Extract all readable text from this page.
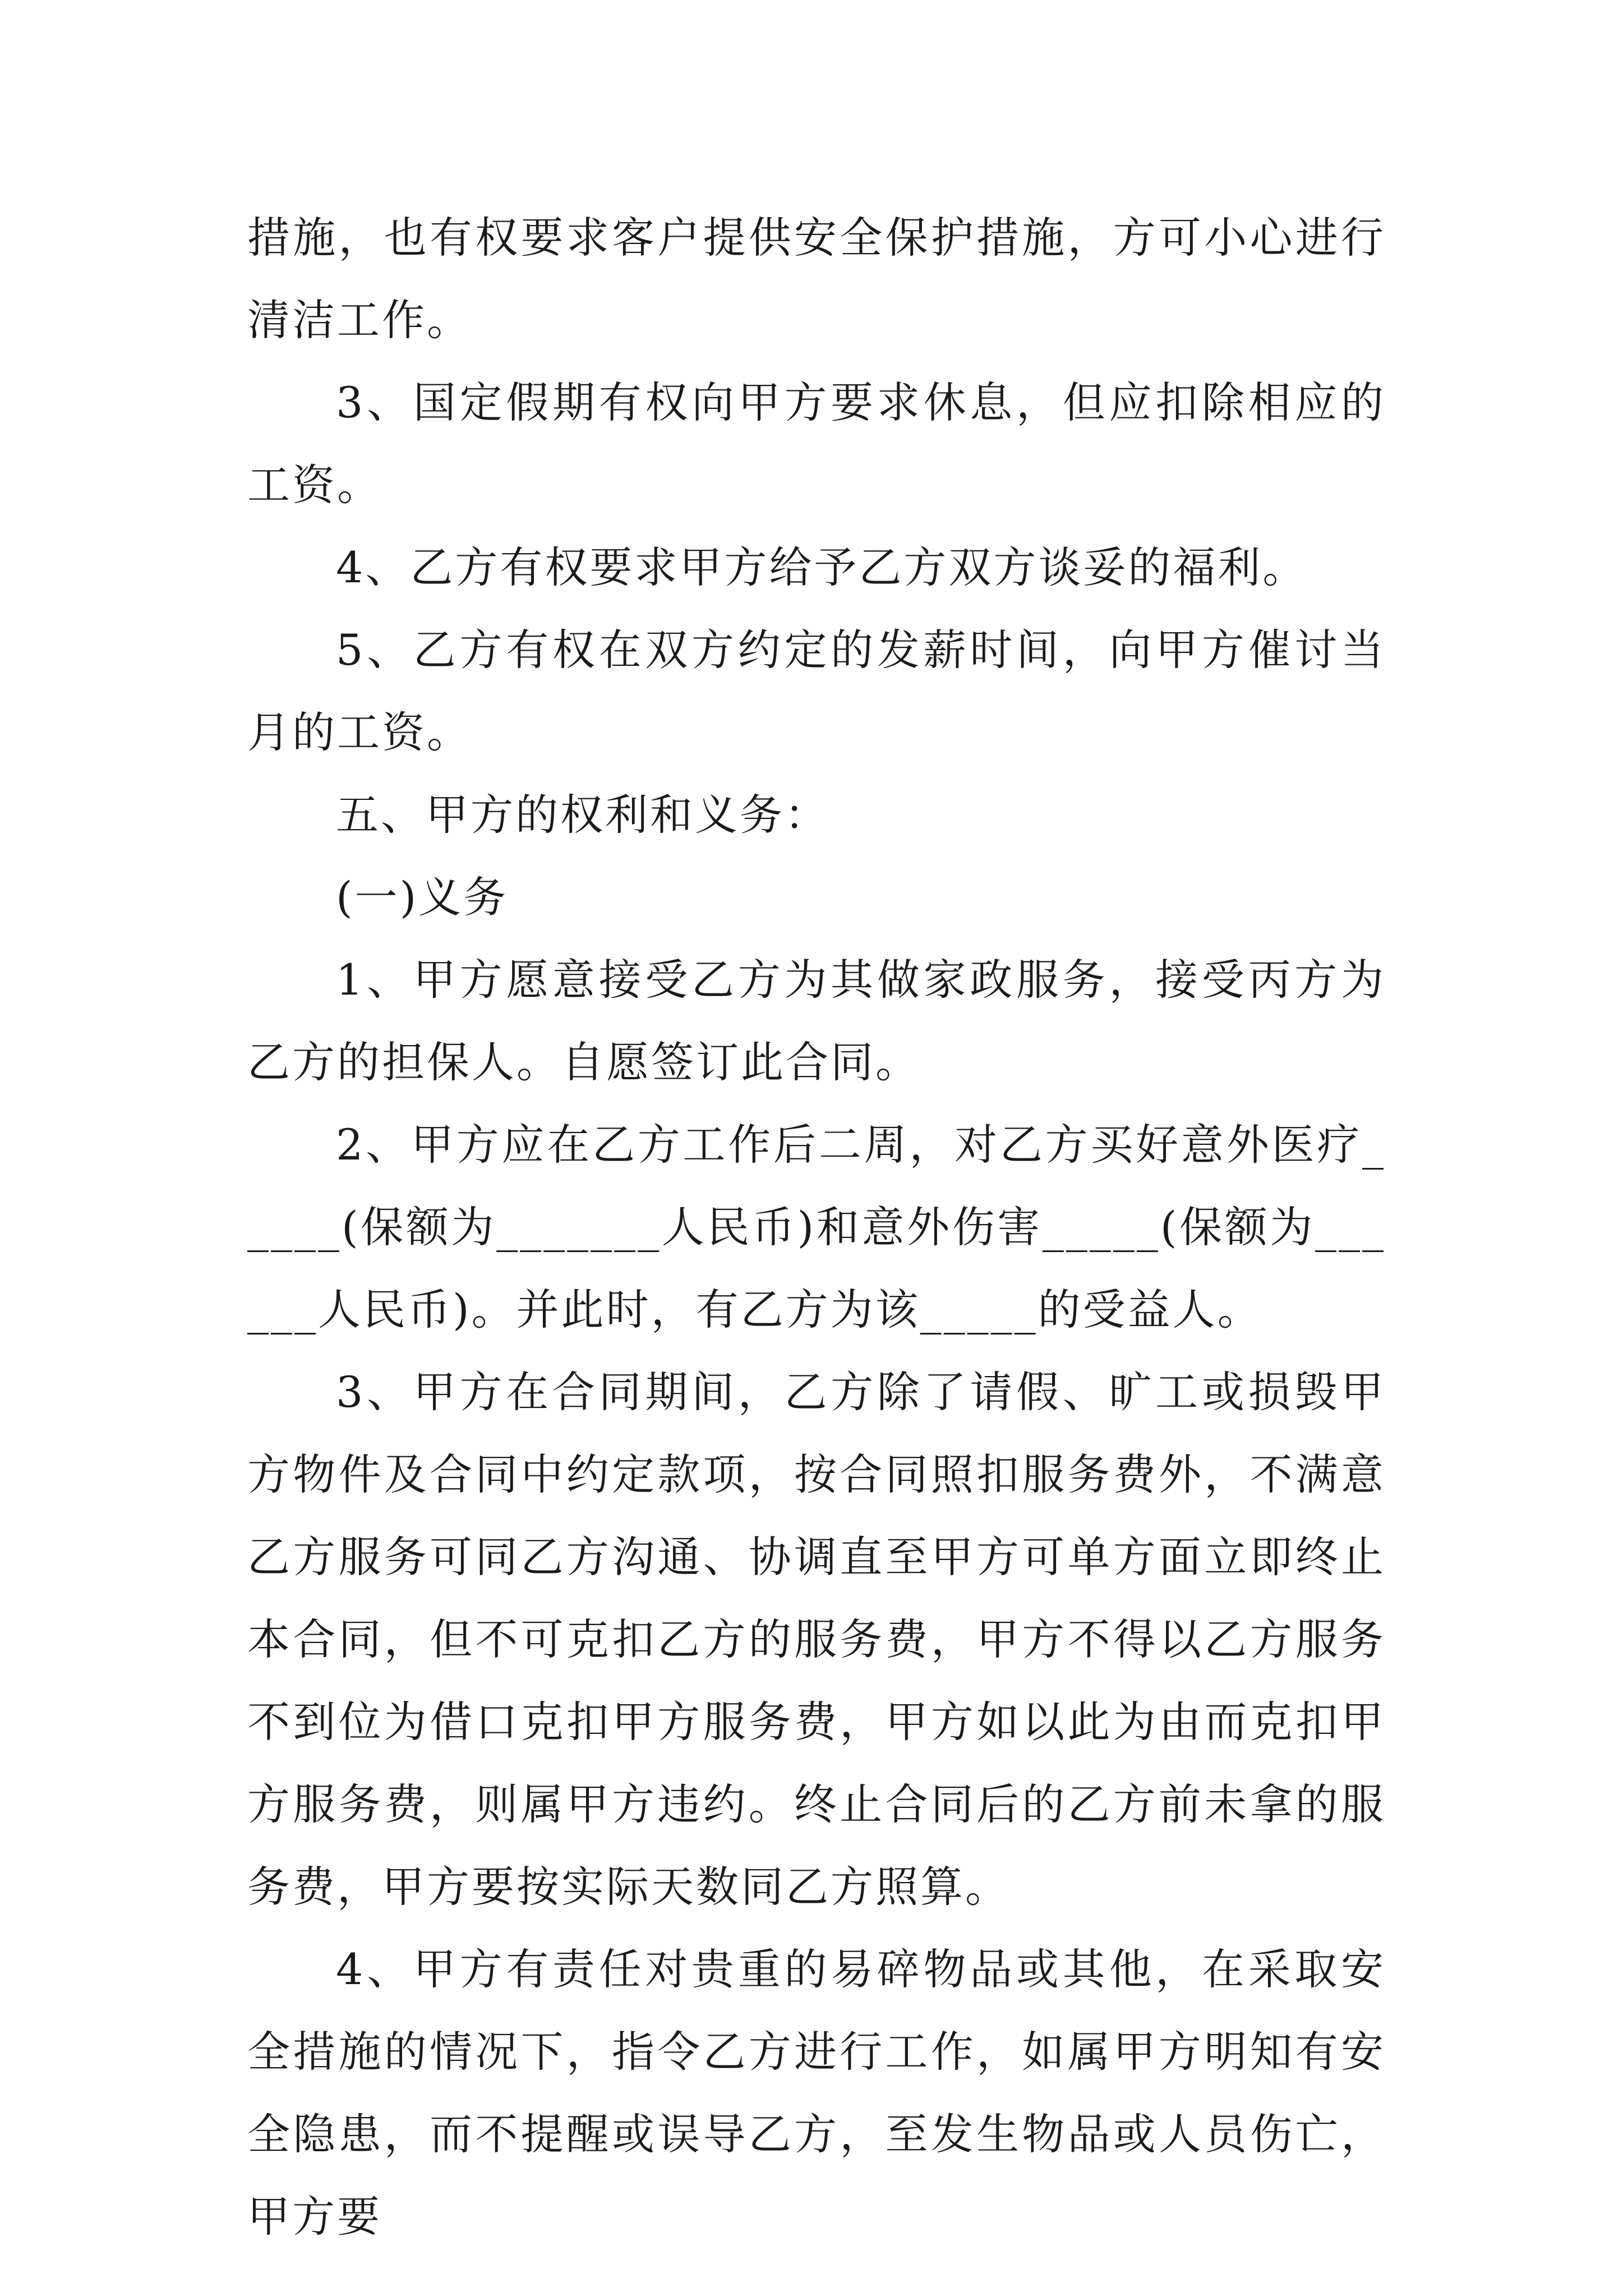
措施，也有权要求客户提供安全保护措施，方可小心进行清洁工作。

3、国定假期有权向甲方要求休息，但应扣除相应的工资。

4、乙方有权要求甲方给予乙方双方谈妥的福利。

5、乙方有权在双方约定的发薪时间，向甲方催讨当月的工资。

五、甲方的权利和义务：

(一)义务

1、甲方愿意接受乙方为其做家政服务，接受丙方为乙方的担保人。自愿签订此合同。

2、甲方应在乙方工作后二周，对乙方买好意外医疗_____(保额为_______人民币)和意外伤害_____(保额为______人民币)。并此时，有乙方为该_____的受益人。

3、甲方在合同期间，乙方除了请假、旷工或损毁甲方物件及合同中约定款项，按合同照扣服务费外，不满意乙方服务可同乙方沟通、协调直至甲方可单方面立即终止本合同，但不可克扣乙方的服务费，甲方不得以乙方服务不到位为借口克扣甲方服务费，甲方如以此为由而克扣甲方服务费，则属甲方违约。终止合同后的乙方前未拿的服务费，甲方要按实际天数同乙方照算。

4、甲方有责任对贵重的易碎物品或其他，在采取安全措施的情况下，指令乙方进行工作，如属甲方明知有安全隐患，而不提醒或误导乙方，至发生物品或人员伤亡，甲方要
